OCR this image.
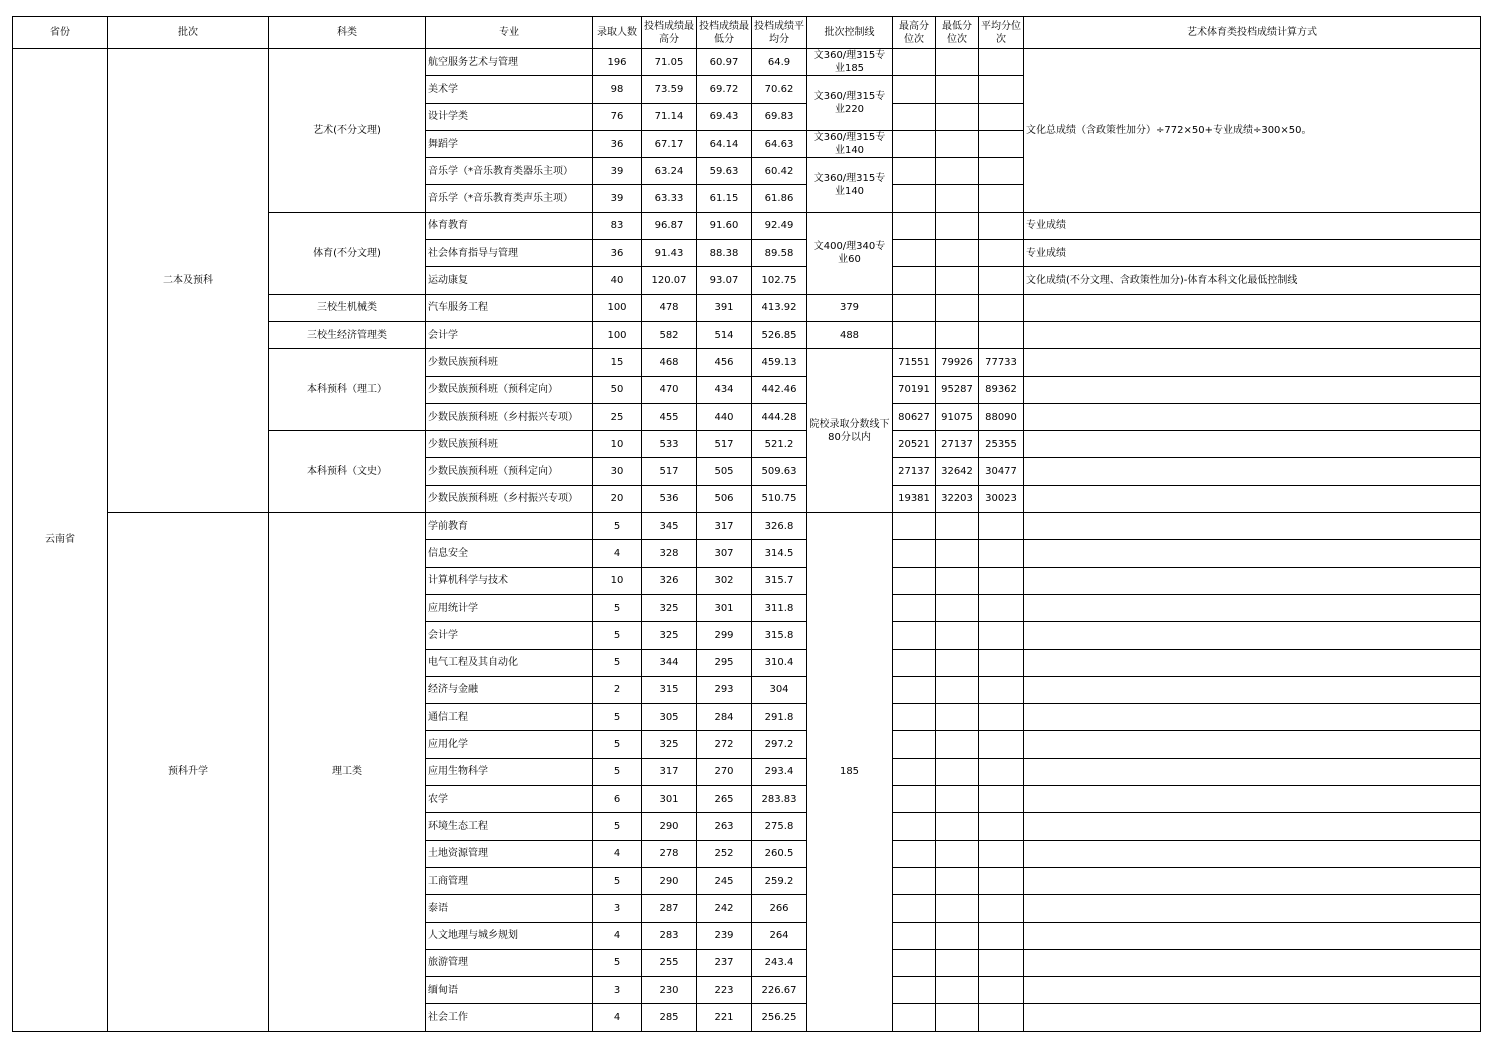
省份	批次	科类	专业	录取人数	投档成绩最高分	投档成绩最低分	投档成绩平均分	批次控制线	最高分位次	最低分位次	平均分位次	艺术体育类投档成绩计算方式
云南省	二本及预科	艺术(不分文理)	航空服务艺术与管理	196	71.05	60.97	64.9	文360/理315专业185				文化总成绩（含政策性加分）÷772×50+专业成绩÷300×50。
			美术学	98	73.59	69.72	70.62	文360/理315专业220				
			设计学类	76	71.14	69.43	69.83					
			舞蹈学	36	67.17	64.14	64.63	文360/理315专业140				
			音乐学（*音乐教育类器乐主项）	39	63.24	59.63	60.42	文360/理315专业140				
			音乐学（*音乐教育类声乐主项）	39	63.33	61.15	61.86					
		体育(不分文理)	体育教育	83	96.87	91.60	92.49	文400/理340专业60				专业成绩
			社会体育指导与管理	36	91.43	88.38	89.58					专业成绩
			运动康复	40	120.07	93.07	102.75					文化成绩(不分文理、含政策性加分)-体育本科文化最低控制线
		三校生机械类	汽车服务工程	100	478	391	413.92	379				
		三校生经济管理类	会计学	100	582	514	526.85	488				
		本科预科（理工）	少数民族预科班	15	468	456	459.13	院校录取分数线下80分以内	71551	79926	77733	
			少数民族预科班（预科定向）	50	470	434	442.46		70191	95287	89362	
			少数民族预科班（乡村振兴专项）	25	455	440	444.28		80627	91075	88090	
		本科预科（文史）	少数民族预科班	10	533	517	521.2		20521	27137	25355	
			少数民族预科班（预科定向）	30	517	505	509.63		27137	32642	30477	
			少数民族预科班（乡村振兴专项）	20	536	506	510.75		19381	32203	30023	
	预科升学	理工类	学前教育	5	345	317	326.8	185				
			信息安全	4	328	307	314.5					
			计算机科学与技术	10	326	302	315.7					
			应用统计学	5	325	301	311.8					
			会计学	5	325	299	315.8					
			电气工程及其自动化	5	344	295	310.4					
			经济与金融	2	315	293	304					
			通信工程	5	305	284	291.8					
			应用化学	5	325	272	297.2					
			应用生物科学	5	317	270	293.4					
			农学	6	301	265	283.83					
			环境生态工程	5	290	263	275.8					
			土地资源管理	4	278	252	260.5					
			工商管理	5	290	245	259.2					
			泰语	3	287	242	266					
			人文地理与城乡规划	4	283	239	264					
			旅游管理	5	255	237	243.4					
			缅甸语	3	230	223	226.67					
			社会工作	4	285	221	256.25					
